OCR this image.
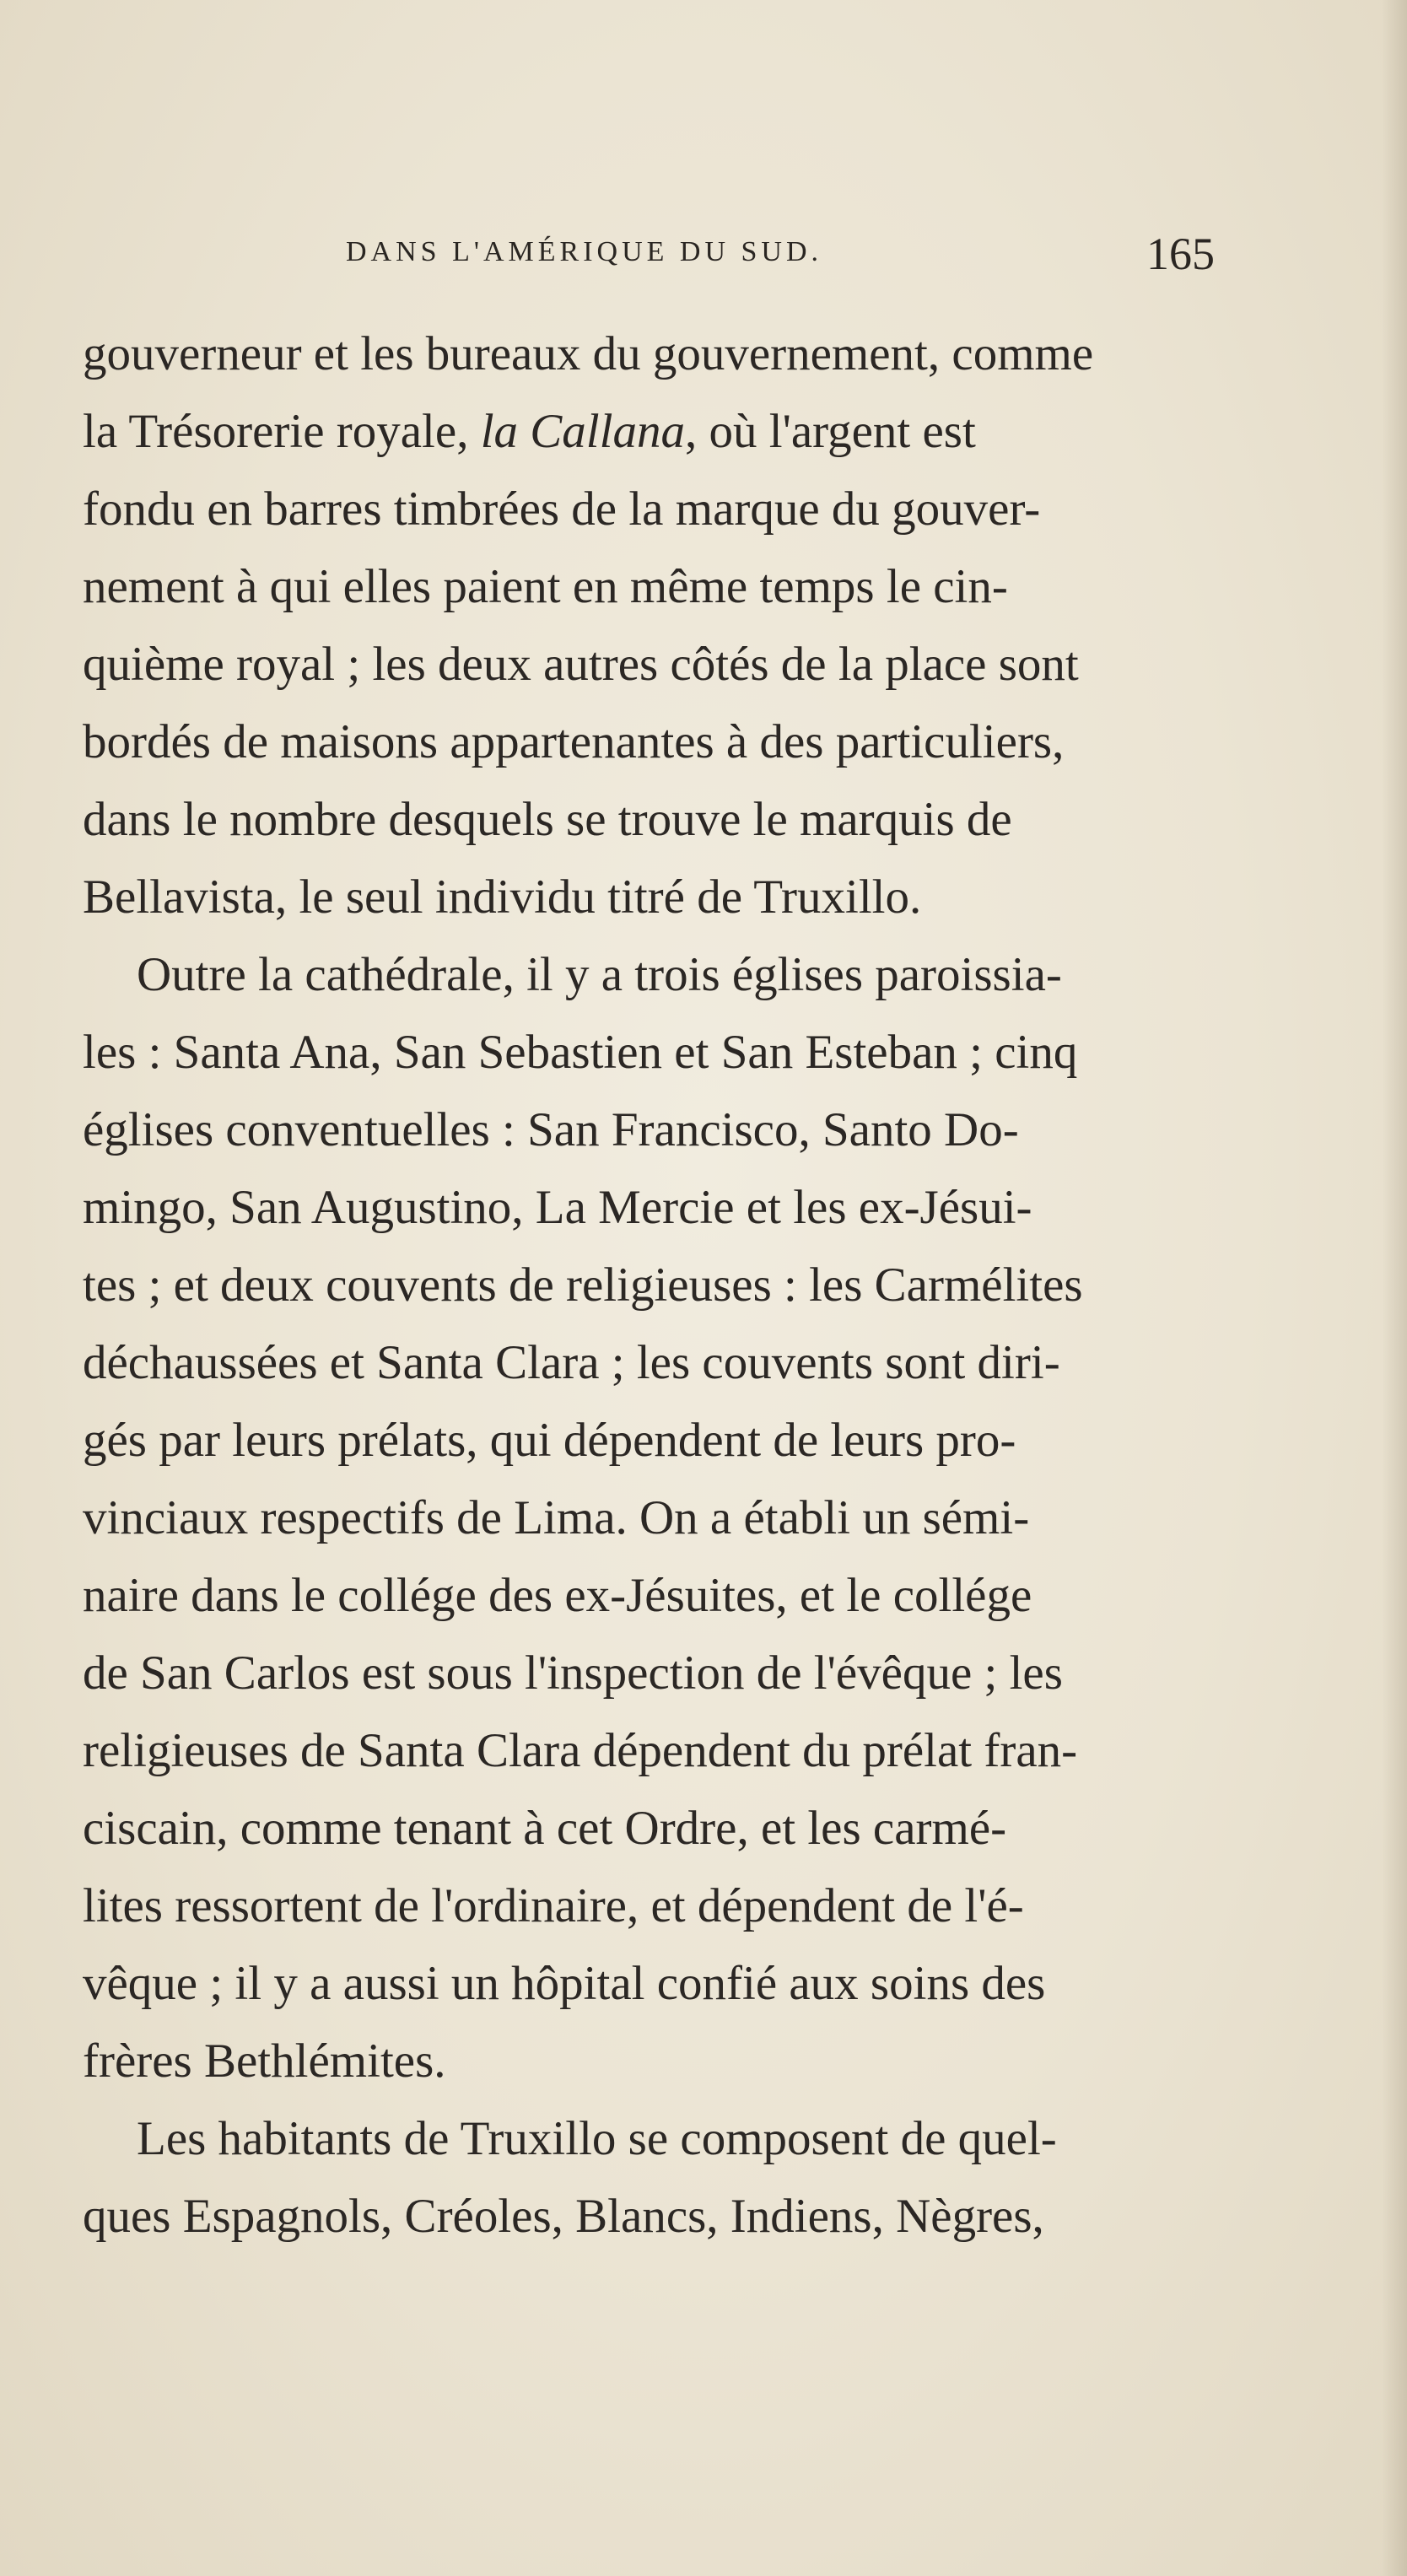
DANS L'AMÉRIQUE DU SUD.	165
gouverneur et les bureaux du gouvernement, comme
la Trésorerie royale, la Callana, où l'argent est
fondu en barres timbrées de la marque du gouver-
nement à qui elles paient en même temps le cin-
quième royal ; les deux autres côtés de la place sont
bordés de maisons appartenantes à des particuliers,
dans le nombre desquels se trouve le marquis de
Bellavista, le seul individu titré de Truxillo.
Outre la cathédrale, il y a trois églises paroissia-
les : Santa Ana, San Sebastien et San Esteban ; cinq
églises conventuelles : San Francisco, Santo Do-
mingo, San Augustino, La Mercie et les ex-Jésui-
tes ; et deux couvents de religieuses : les Carmélites
déchaussées et Santa Clara ; les couvents sont diri-
gés par leurs prélats, qui dépendent de leurs pro-
vinciaux respectifs de Lima. On a établi un sémi-
naire dans le collége des ex-Jésuites, et le collége
de San Carlos est sous l'inspection de l'évêque ; les
religieuses de Santa Clara dépendent du prélat fran-
ciscain, comme tenant à cet Ordre, et les carmé-
lites ressortent de l'ordinaire, et dépendent de l'é-
vêque ; il y a aussi un hôpital confié aux soins des
frères Bethlémites.
Les habitants de Truxillo se composent de quel-
ques Espagnols, Créoles, Blancs, Indiens, Nègres,
